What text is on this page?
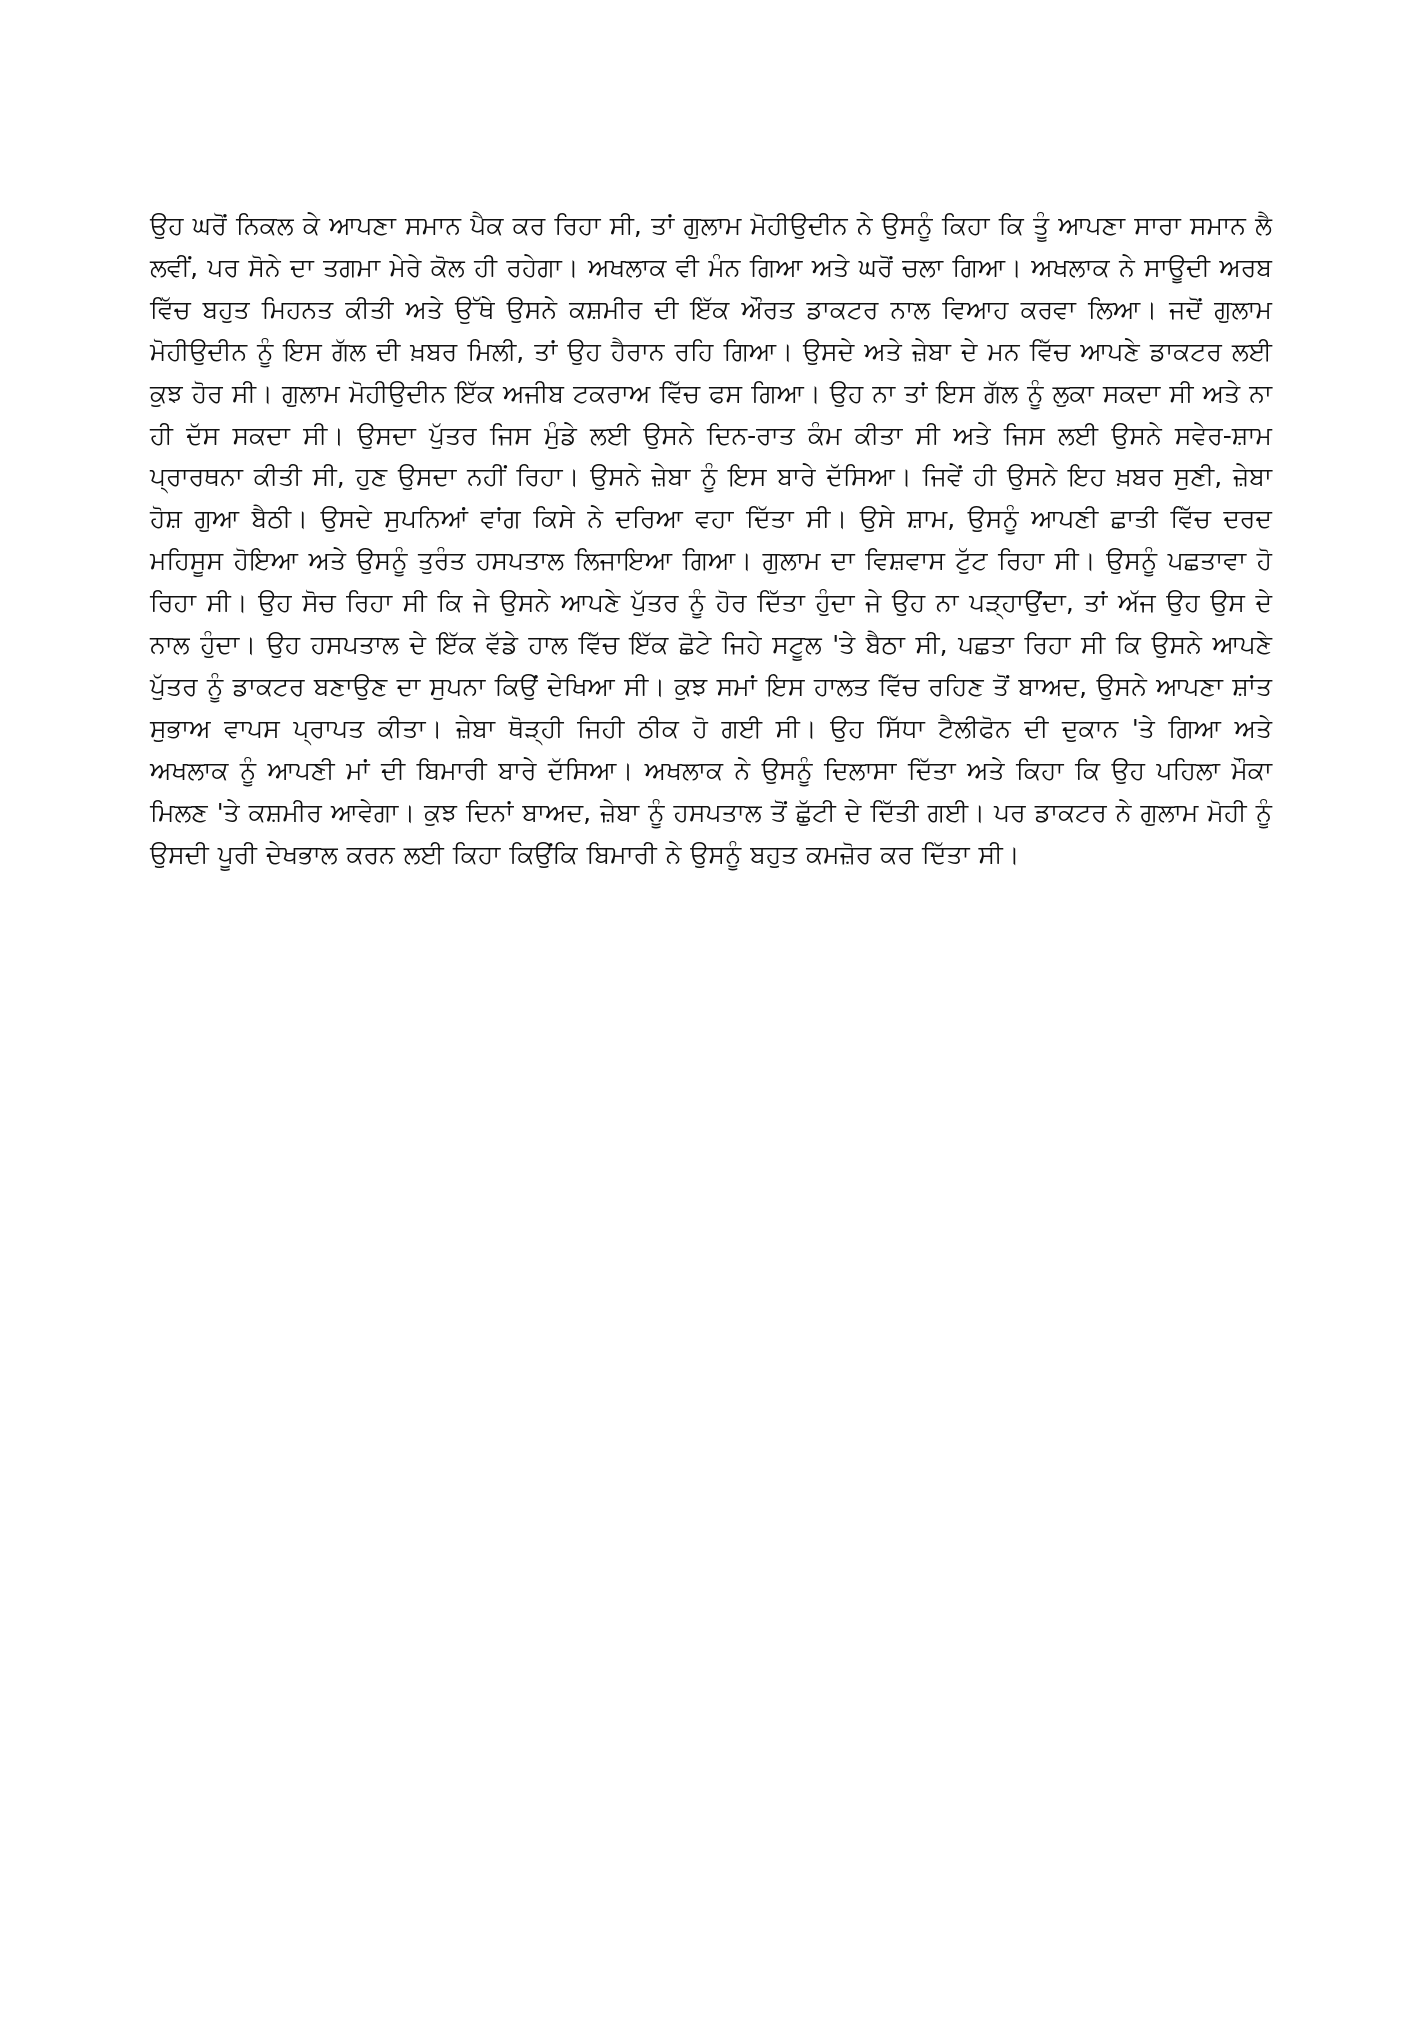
ਉਹ ਘਰੋਂ ਨਿਕਲ ਕੇ ਆਪਣਾ ਸਮਾਨ ਪੈਕ ਕਰ ਰਿਹਾ ਸੀ, ਤਾਂ ਗੁਲਾਮ ਮੋਹੀਉਦੀਨ ਨੇ ਉਸਨੂੰ ਕਿਹਾ ਕਿ ਤੂੰ ਆਪਣਾ ਸਾਰਾ ਸਮਾਨ ਲੈ ਲਵੀਂ, ਪਰ ਸੋਨੇ ਦਾ ਤਗਮਾ ਮੇਰੇ ਕੋਲ ਹੀ ਰਹੇਗਾ। ਅਖਲਾਕ ਵੀ ਮੰਨ ਗਿਆ ਅਤੇ ਘਰੋਂ ਚਲਾ ਗਿਆ। ਅਖਲਾਕ ਨੇ ਸਾਊਦੀ ਅਰਬ ਵਿੱਚ ਬਹੁਤ ਮਿਹਨਤ ਕੀਤੀ ਅਤੇ ਉੱਥੇ ਉਸਨੇ ਕਸ਼ਮੀਰ ਦੀ ਇੱਕ ਔਰਤ ਡਾਕਟਰ ਨਾਲ ਵਿਆਹ ਕਰਵਾ ਲਿਆ। ਜਦੋਂ ਗੁਲਾਮ ਮੋਹੀਉਦੀਨ ਨੂੰ ਇਸ ਗੱਲ ਦੀ ਖ਼ਬਰ ਮਿਲੀ, ਤਾਂ ਉਹ ਹੈਰਾਨ ਰਹਿ ਗਿਆ। ਉਸਦੇ ਅਤੇ ਜ਼ੇਬਾ ਦੇ ਮਨ ਵਿੱਚ ਆਪਣੇ ਡਾਕਟਰ ਲਈ ਕੁਝ ਹੋਰ ਸੀ। ਗੁਲਾਮ ਮੋਹੀਉਦੀਨ ਇੱਕ ਅਜੀਬ ਟਕਰਾਅ ਵਿੱਚ ਫਸ ਗਿਆ। ਉਹ ਨਾ ਤਾਂ ਇਸ ਗੱਲ ਨੂੰ ਲੁਕਾ ਸਕਦਾ ਸੀ ਅਤੇ ਨਾ ਹੀ ਦੱਸ ਸਕਦਾ ਸੀ। ਉਸਦਾ ਪੁੱਤਰ ਜਿਸ ਮੁੰਡੇ ਲਈ ਉਸਨੇ ਦਿਨ-ਰਾਤ ਕੰਮ ਕੀਤਾ ਸੀ ਅਤੇ ਜਿਸ ਲਈ ਉਸਨੇ ਸਵੇਰ-ਸ਼ਾਮ ਪ੍ਰਾਰਥਨਾ ਕੀਤੀ ਸੀ, ਹੁਣ ਉਸਦਾ ਨਹੀਂ ਰਿਹਾ। ਉਸਨੇ ਜ਼ੇਬਾ ਨੂੰ ਇਸ ਬਾਰੇ ਦੱਸਿਆ। ਜਿਵੇਂ ਹੀ ਉਸਨੇ ਇਹ ਖ਼ਬਰ ਸੁਣੀ, ਜ਼ੇਬਾ ਹੋਸ਼ ਗੁਆ ਬੈਠੀ। ਉਸਦੇ ਸੁਪਨਿਆਂ ਵਾਂਗ ਕਿਸੇ ਨੇ ਦਰਿਆ ਵਹਾ ਦਿੱਤਾ ਸੀ। ਉਸੇ ਸ਼ਾਮ, ਉਸਨੂੰ ਆਪਣੀ ਛਾਤੀ ਵਿੱਚ ਦਰਦ ਮਹਿਸੂਸ ਹੋਇਆ ਅਤੇ ਉਸਨੂੰ ਤੁਰੰਤ ਹਸਪਤਾਲ ਲਿਜਾਇਆ ਗਿਆ। ਗੁਲਾਮ ਦਾ ਵਿਸ਼ਵਾਸ ਟੁੱਟ ਰਿਹਾ ਸੀ। ਉਸਨੂੰ ਪਛਤਾਵਾ ਹੋ ਰਿਹਾ ਸੀ। ਉਹ ਸੋਚ ਰਿਹਾ ਸੀ ਕਿ ਜੇ ਉਸਨੇ ਆਪਣੇ ਪੁੱਤਰ ਨੂੰ ਹੋਰ ਦਿੱਤਾ ਹੁੰਦਾ ਜੇ ਉਹ ਨਾ ਪੜ੍ਹਾਉਂਦਾ, ਤਾਂ ਅੱਜ ਉਹ ਉਸ ਦੇ ਨਾਲ ਹੁੰਦਾ। ਉਹ ਹਸਪਤਾਲ ਦੇ ਇੱਕ ਵੱਡੇ ਹਾਲ ਵਿੱਚ ਇੱਕ ਛੋਟੇ ਜਿਹੇ ਸਟੂਲ 'ਤੇ ਬੈਠਾ ਸੀ, ਪਛਤਾ ਰਿਹਾ ਸੀ ਕਿ ਉਸਨੇ ਆਪਣੇ ਪੁੱਤਰ ਨੂੰ ਡਾਕਟਰ ਬਣਾਉਣ ਦਾ ਸੁਪਨਾ ਕਿਉਂ ਦੇਖਿਆ ਸੀ। ਕੁਝ ਸਮਾਂ ਇਸ ਹਾਲਤ ਵਿੱਚ ਰਹਿਣ ਤੋਂ ਬਾਅਦ, ਉਸਨੇ ਆਪਣਾ ਸ਼ਾਂਤ ਸੁਭਾਅ ਵਾਪਸ ਪ੍ਰਾਪਤ ਕੀਤਾ। ਜ਼ੇਬਾ ਥੋੜ੍ਹੀ ਜਿਹੀ ਠੀਕ ਹੋ ਗਈ ਸੀ। ਉਹ ਸਿੱਧਾ ਟੈਲੀਫੋਨ ਦੀ ਦੁਕਾਨ 'ਤੇ ਗਿਆ ਅਤੇ ਅਖਲਾਕ ਨੂੰ ਆਪਣੀ ਮਾਂ ਦੀ ਬਿਮਾਰੀ ਬਾਰੇ ਦੱਸਿਆ। ਅਖਲਾਕ ਨੇ ਉਸਨੂੰ ਦਿਲਾਸਾ ਦਿੱਤਾ ਅਤੇ ਕਿਹਾ ਕਿ ਉਹ ਪਹਿਲਾ ਮੌਕਾ ਮਿਲਣ 'ਤੇ ਕਸ਼ਮੀਰ ਆਵੇਗਾ। ਕੁਝ ਦਿਨਾਂ ਬਾਅਦ, ਜ਼ੇਬਾ ਨੂੰ ਹਸਪਤਾਲ ਤੋਂ ਛੁੱਟੀ ਦੇ ਦਿੱਤੀ ਗਈ। ਪਰ ਡਾਕਟਰ ਨੇ ਗੁਲਾਮ ਮੋਹੀ ਨੂੰ ਉਸਦੀ ਪੂਰੀ ਦੇਖਭਾਲ ਕਰਨ ਲਈ ਕਿਹਾ ਕਿਉਂਕਿ ਬਿਮਾਰੀ ਨੇ ਉਸਨੂੰ ਬਹੁਤ ਕਮਜ਼ੋਰ ਕਰ ਦਿੱਤਾ ਸੀ।
